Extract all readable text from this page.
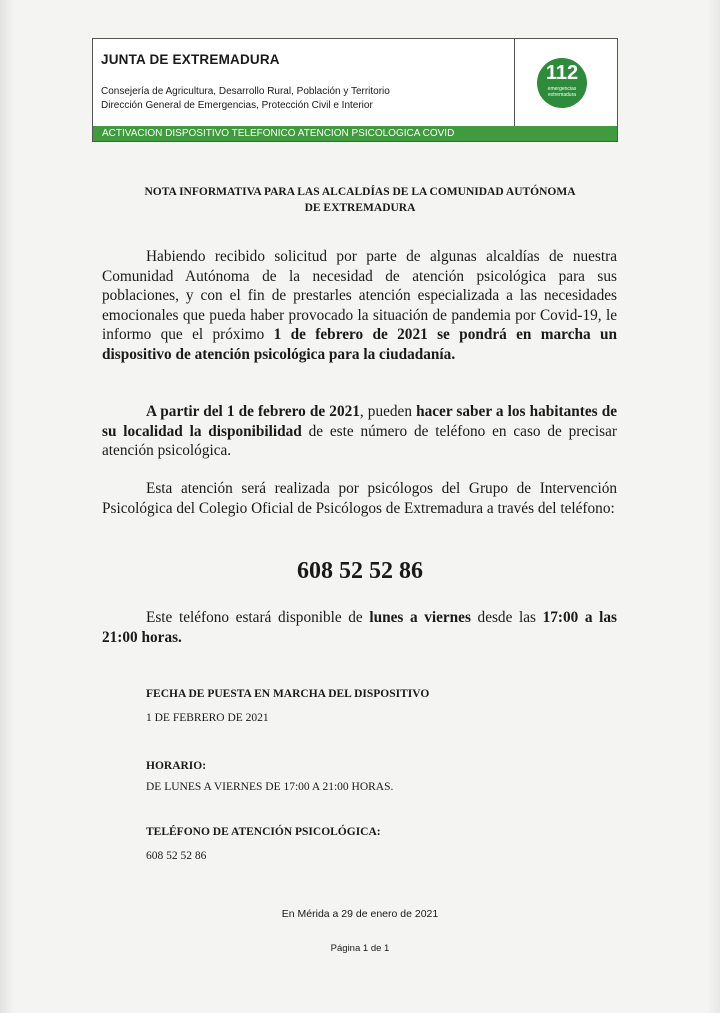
JUNTA DE EXTREMADURA
Consejería de Agricultura, Desarrollo Rural, Población y Territorio
Dirección General de Emergencias, Protección Civil e Interior
112
emergencias
extremadura
ACTIVACION DISPOSITIVO TELEFONICO ATENCION PSICOLOGICA COVID
NOTA INFORMATIVA PARA LAS ALCALDÍAS DE LA COMUNIDAD AUTÓNOMA
DE EXTREMADURA
Habiendo recibido solicitud por parte de algunas alcaldías de nuestra Comunidad Autónoma de la necesidad de atención psicológica para sus poblaciones, y con el fin de prestarles atención especializada a las necesidades emocionales que pueda haber provocado la situación de pandemia por Covid-19, le informo que el próximo 1 de febrero de 2021 se pondrá en marcha un dispositivo de atención psicológica para la ciudadanía.
A partir del 1 de febrero de 2021, pueden hacer saber a los habitantes de su localidad la disponibilidad de este número de teléfono en caso de precisar atención psicológica.
Esta atención será realizada por psicólogos del Grupo de Intervención Psicológica del Colegio Oficial de Psicólogos de Extremadura a través del teléfono:
608 52 52 86
Este teléfono estará disponible de lunes a viernes desde las 17:00 a las 21:00 horas.
FECHA DE PUESTA EN MARCHA DEL DISPOSITIVO
1 DE FEBRERO DE 2021
HORARIO:
DE LUNES A VIERNES DE 17:00 A 21:00 HORAS.
TELÉFONO DE ATENCIÓN PSICOLÓGICA:
608 52 52 86
En Mérida a 29 de enero de 2021
Página 1 de 1
